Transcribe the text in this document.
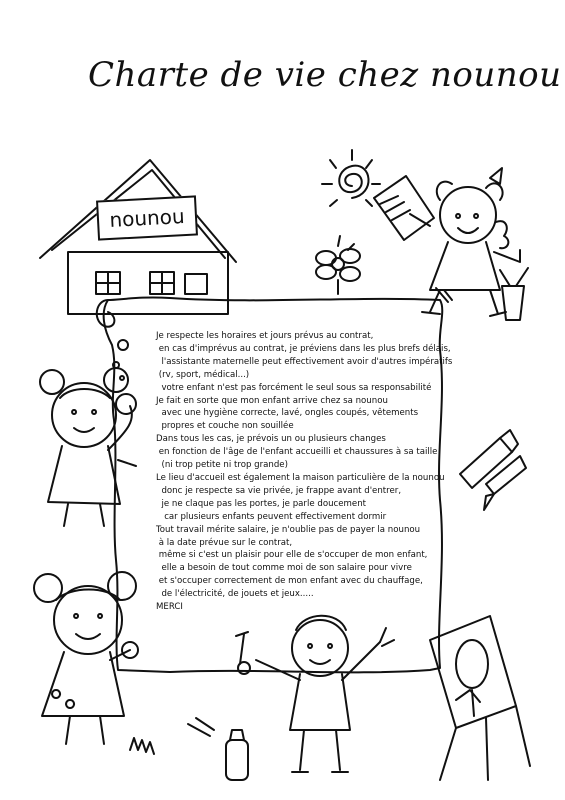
Charte de vie chez nounou
nounou
Je respecte les horaires et jours prévus au contrat,
en cas d'imprévus au contrat, je préviens dans les plus brefs délais,
l'assistante maternelle peut effectivement avoir d'autres impératifs
(rv, sport, médical...)
votre enfant n'est pas forcément le seul sous sa responsabilité
Je fait en sorte que mon enfant arrive chez sa nounou
avec une hygiène correcte, lavé, ongles coupés, vêtements
propres et couche non souillée
Dans tous les cas, je prévois un ou plusieurs changes
en fonction de l'âge de l'enfant accueilli et chaussures à sa taille
(ni trop petite ni trop grande)
Le lieu d'accueil est également la maison particulière de la nounou
donc je respecte sa vie privée, je frappe avant d'entrer,
je ne claque pas les portes, je parle doucement
car plusieurs enfants peuvent effectivement dormir
Tout travail mérite salaire, je n'oublie pas de payer la nounou
à la date prévue sur le contrat,
même si c'est un plaisir pour elle de s'occuper de mon enfant,
elle a besoin de tout comme moi de son salaire pour vivre
et s'occuper correctement de mon enfant avec du chauffage,
de l'électricité, de jouets et jeux.....
MERCI
